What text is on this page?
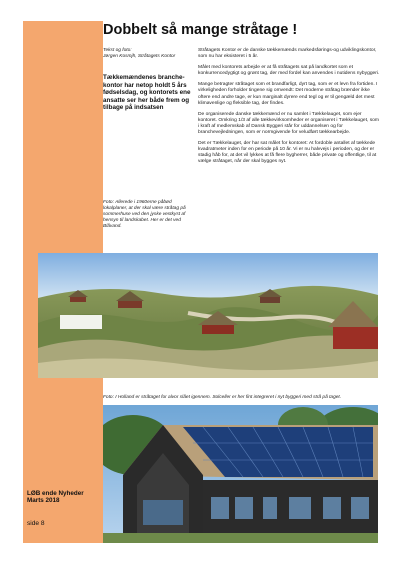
Dobbelt så mange stråtage !
Tekst og foto:
Jørgen Kosmjh, Stråtagets Kontor

Tækkemændenes branche-kontor har netop holdt 5 års fødselsdag, og kontorets ene ansatte ser her både frem og tilbage på indsatsen

Stråtagets Kontor er de danske tækkemænds markedsførings-og udviklingskontor, som nu har eksisteret i 5 år.

Målet med kontorets arbejde er at få stråtagets sat på landkortet som et konkurrencedygtigt og grønt tag, der med fordel kan anvendes i nutidens nybyggeri.

Mange betragter stråtaget som et brandfarligt, dyrt tag, som er et levn fra fortiden. I virkeligheden forholder tingene sig omvendt: Det moderne stråtag brænder ikke oftere end andre tage, er kun marginalt dyrere end tegl og er til gengæld det mest klimavenlige og fleksible tag, der findes.

De organiserede danske tækkemænd er nu samlet i Tækkelauget, som ejer kontoret. Omkring 1/3 af alle tækkevirksomheder er organiseret i Tækkelauget, som i kraft af medlemskab af Dansk Byggeri står for uddannelsen og for brancheveјledningen, som er normgivende for veludført tækkearbejde.

Det er Tækkelauget, der har sat målet for kontoret: At fordoble antallet af tækkede kvadratmeter inden for en periode på 10 år. Vi er nu halvvejs i perioden, og der er stadig håb for, at det vil lykkes at få flere bygherrer, både private og offentlige, til at vælge stråtaget, når der skal bygges nyt.

Foto: Allerede i 1960erne påbød lokalplaner, at der skal være stråtag på sommerhuse ved den jyske vestkyst af hensyn til landskabet. Her er det ved Blåvand.
Foto: I Holland er stråtaget for alvor slået igennem. Solceller er her fint integreret i nyt byggeri med strå på taget.
LØB ende Nyheder
Marts 2018
side 8
